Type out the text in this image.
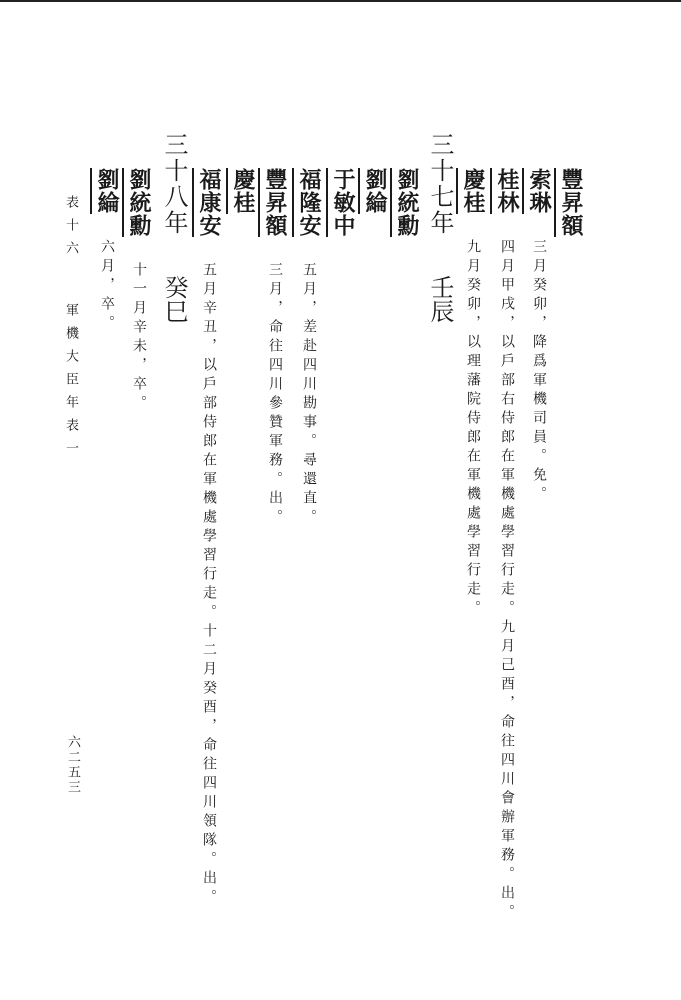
豐昇額
索琳 三月癸卯，降爲軍機司員。免。
桂林 四月甲戌，以戶部右侍郎在軍機處學習行走。九月己酉，命往四川會辦軍務。出。
慶桂 九月癸卯，以理藩院侍郎在軍機處學習行走。
三十七年 壬辰
劉統勳
劉綸
于敏中
福隆安 五月，差赴四川勘事。尋還直。
豐昇額 三月，命往四川參贊軍務。出。
慶桂
福康安 五月辛丑，以戶部侍郎在軍機處學習行走。十二月癸酉，命往四川領隊。出。
三十八年 癸巳
劉統勳 十一月辛未，卒。
劉綸 六月，卒。
表十六 軍機大臣年表一
六二五三
